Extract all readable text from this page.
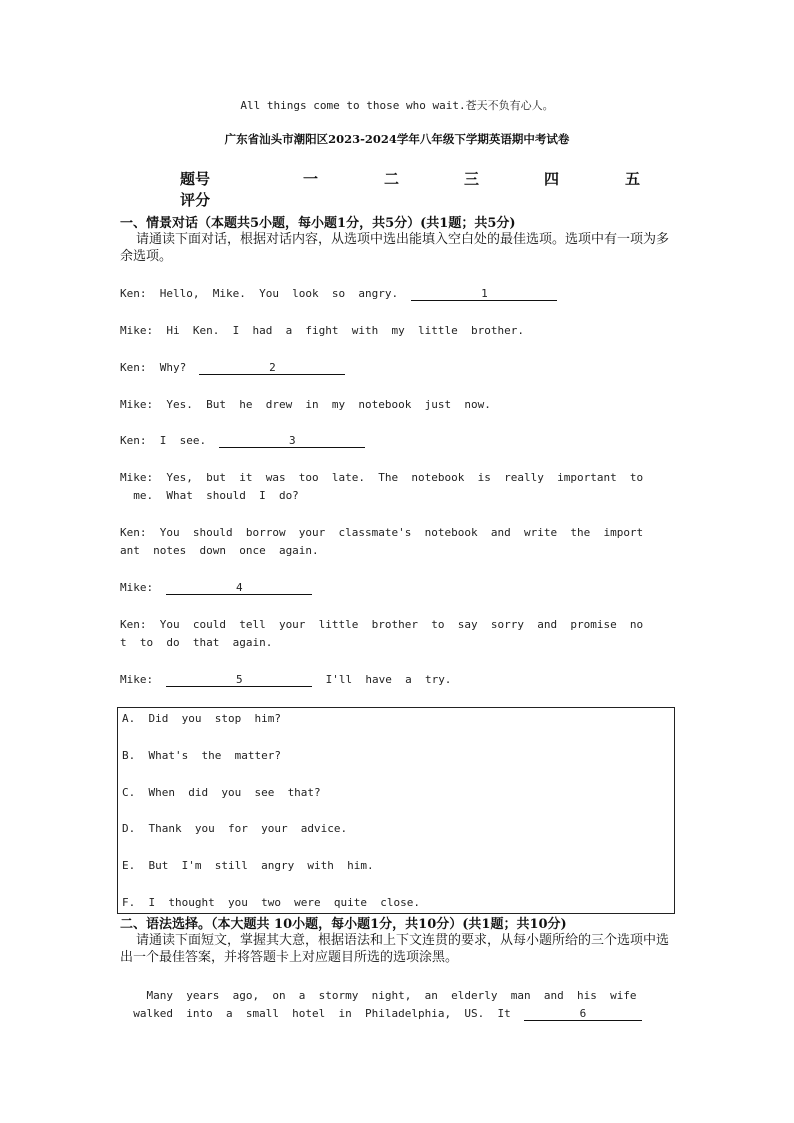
All things come to those who wait.苍天不负有心人。
广东省汕头市潮阳区2023-2024学年八年级下学期英语期中考试卷
题号	一	二	三	四	五
评分
一、情景对话（本题共5小题，每小题1分，共5分）(共1题；共5分)
请通读下面对话，根据对话内容，从选项中选出能填入空白处的最佳选项。选项中有一项为多余选项。
Ken:  Hello,  Mike.  You  look  so  angry.	1
Mike:  Hi  Ken.  I  had  a  fight  with  my  little  brother.
Ken:  Why?	2
Mike:  Yes.  But  he  drew  in  my  notebook  just  now.
Ken:  I  see.	3
Mike:  Yes,  but  it  was  too  late.  The  notebook  is  really  important  to
me.  What  should  I  do?
Ken:  You  should  borrow  your  classmate's  notebook  and  write  the  import
ant  notes  down  once  again.
Mike:	4
Ken:  You  could  tell  your  little  brother  to  say  sorry  and  promise  no
t  to  do  that  again.
Mike:	5	I'll  have  a  try.
A.  Did  you  stop  him?
B.  What's  the  matter?
C.  When  did  you  see  that?
D.  Thank  you  for  your  advice.
E.  But  I'm  still  angry  with  him.
F.  I  thought  you  two  were  quite  close.
二、语法选择。（本大题共 10小题，每小题1分，共10分）(共1题；共10分)
请通读下面短文，掌握其大意，根据语法和上下文连贯的要求，从每小题所给的三个选项中选出一个最佳答案，并将答题卡上对应题目所选的选项涂黑。
Many  years  ago,  on  a  stormy  night,  an  elderly  man  and  his  wife
walked  into  a  small  hotel  in  Philadelphia,  US.  It	6
